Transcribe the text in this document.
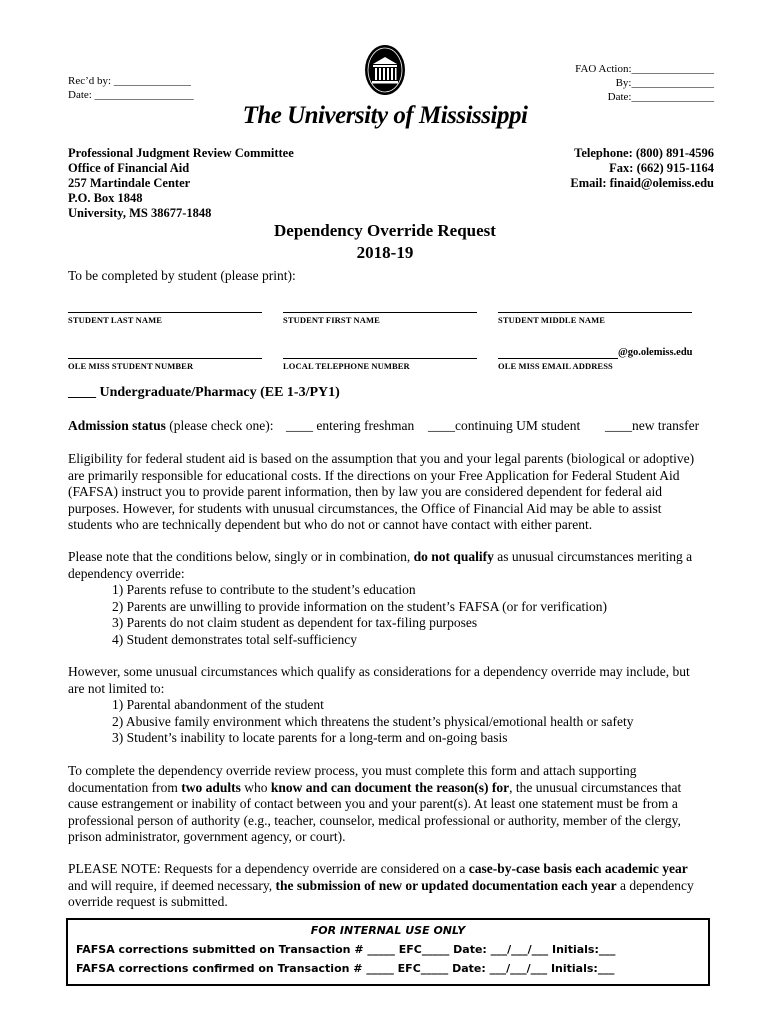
Rec’d by: ______________
Date: __________________
FAO Action:_______________
By:_______________
Date:_______________
The University of Mississippi
Professional Judgment Review Committee
Office of Financial Aid
257 Martindale Center
P.O. Box 1848
University, MS 38677-1848
Telephone: (800) 891-4596
Fax: (662) 915-1164
Email: finaid@olemiss.edu
Dependency Override Request
2018-19
To be completed by student (please print):
STUDENT LAST NAME	STUDENT FIRST NAME	STUDENT MIDDLE NAME
OLE MISS STUDENT NUMBER	LOCAL TELEPHONE NUMBER	OLE MISS EMAIL ADDRESS
@go.olemiss.edu
____ Undergraduate/Pharmacy (EE 1-3/PY1)
Admission status (please check one): ____ entering freshman ____continuing UM student ____new transfer
Eligibility for federal student aid is based on the assumption that you and your legal parents (biological or adoptive) are primarily responsible for educational costs. If the directions on your Free Application for Federal Student Aid (FAFSA) instruct you to provide parent information, then by law you are considered dependent for federal aid purposes. However, for students with unusual circumstances, the Office of Financial Aid may be able to assist students who are technically dependent but who do not or cannot have contact with either parent.
Please note that the conditions below, singly or in combination, do not qualify as unusual circumstances meriting a dependency override:
1) Parents refuse to contribute to the student’s education
2) Parents are unwilling to provide information on the student’s FAFSA (or for verification)
3) Parents do not claim student as dependent for tax-filing purposes
4) Student demonstrates total self-sufficiency
However, some unusual circumstances which qualify as considerations for a dependency override may include, but are not limited to:
1) Parental abandonment of the student
2) Abusive family environment which threatens the student’s physical/emotional health or safety
3) Student’s inability to locate parents for a long-term and on-going basis
To complete the dependency override review process, you must complete this form and attach supporting documentation from two adults who know and can document the reason(s) for, the unusual circumstances that cause estrangement or inability of contact between you and your parent(s). At least one statement must be from a professional person of authority (e.g., teacher, counselor, medical professional or authority, member of the clergy, prison administrator, government agency, or court).
PLEASE NOTE: Requests for a dependency override are considered on a case-by-case basis each academic year and will require, if deemed necessary, the submission of new or updated documentation each year a dependency override request is submitted.
FOR INTERNAL USE ONLY
FAFSA corrections submitted on Transaction # _____ EFC_____ Date: ___/___/___ Initials:___
FAFSA corrections confirmed on Transaction # _____ EFC_____ Date: ___/___/___ Initials:___
